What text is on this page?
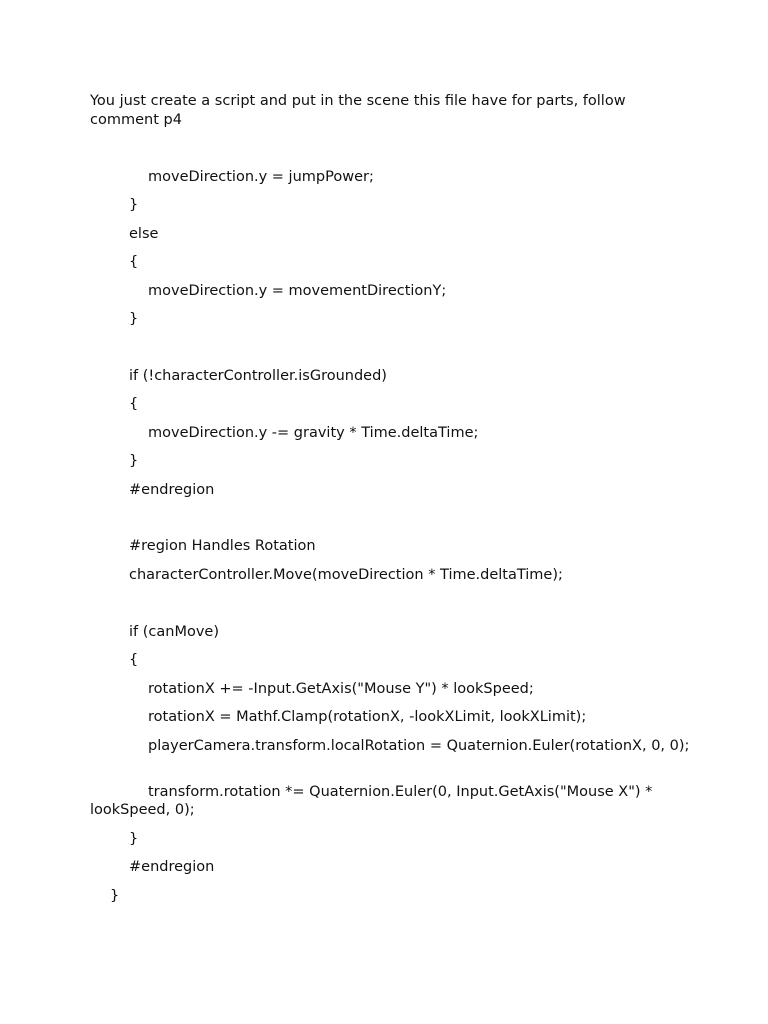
You just create a script and put in the scene this file have for parts, follow comment p4

moveDirection.y = jumpPower;

}

else

{

moveDirection.y = movementDirectionY;

}

if (!characterController.isGrounded)

{

moveDirection.y -= gravity * Time.deltaTime;

}

#endregion

#region Handles Rotation

characterController.Move(moveDirection * Time.deltaTime);

if (canMove)

{

rotationX += -Input.GetAxis("Mouse Y") * lookSpeed;

rotationX = Mathf.Clamp(rotationX, -lookXLimit, lookXLimit);

playerCamera.transform.localRotation = Quaternion.Euler(rotationX, 0, 0);

transform.rotation *= Quaternion.Euler(0, Input.GetAxis("Mouse X") * lookSpeed, 0);

}

#endregion

}
